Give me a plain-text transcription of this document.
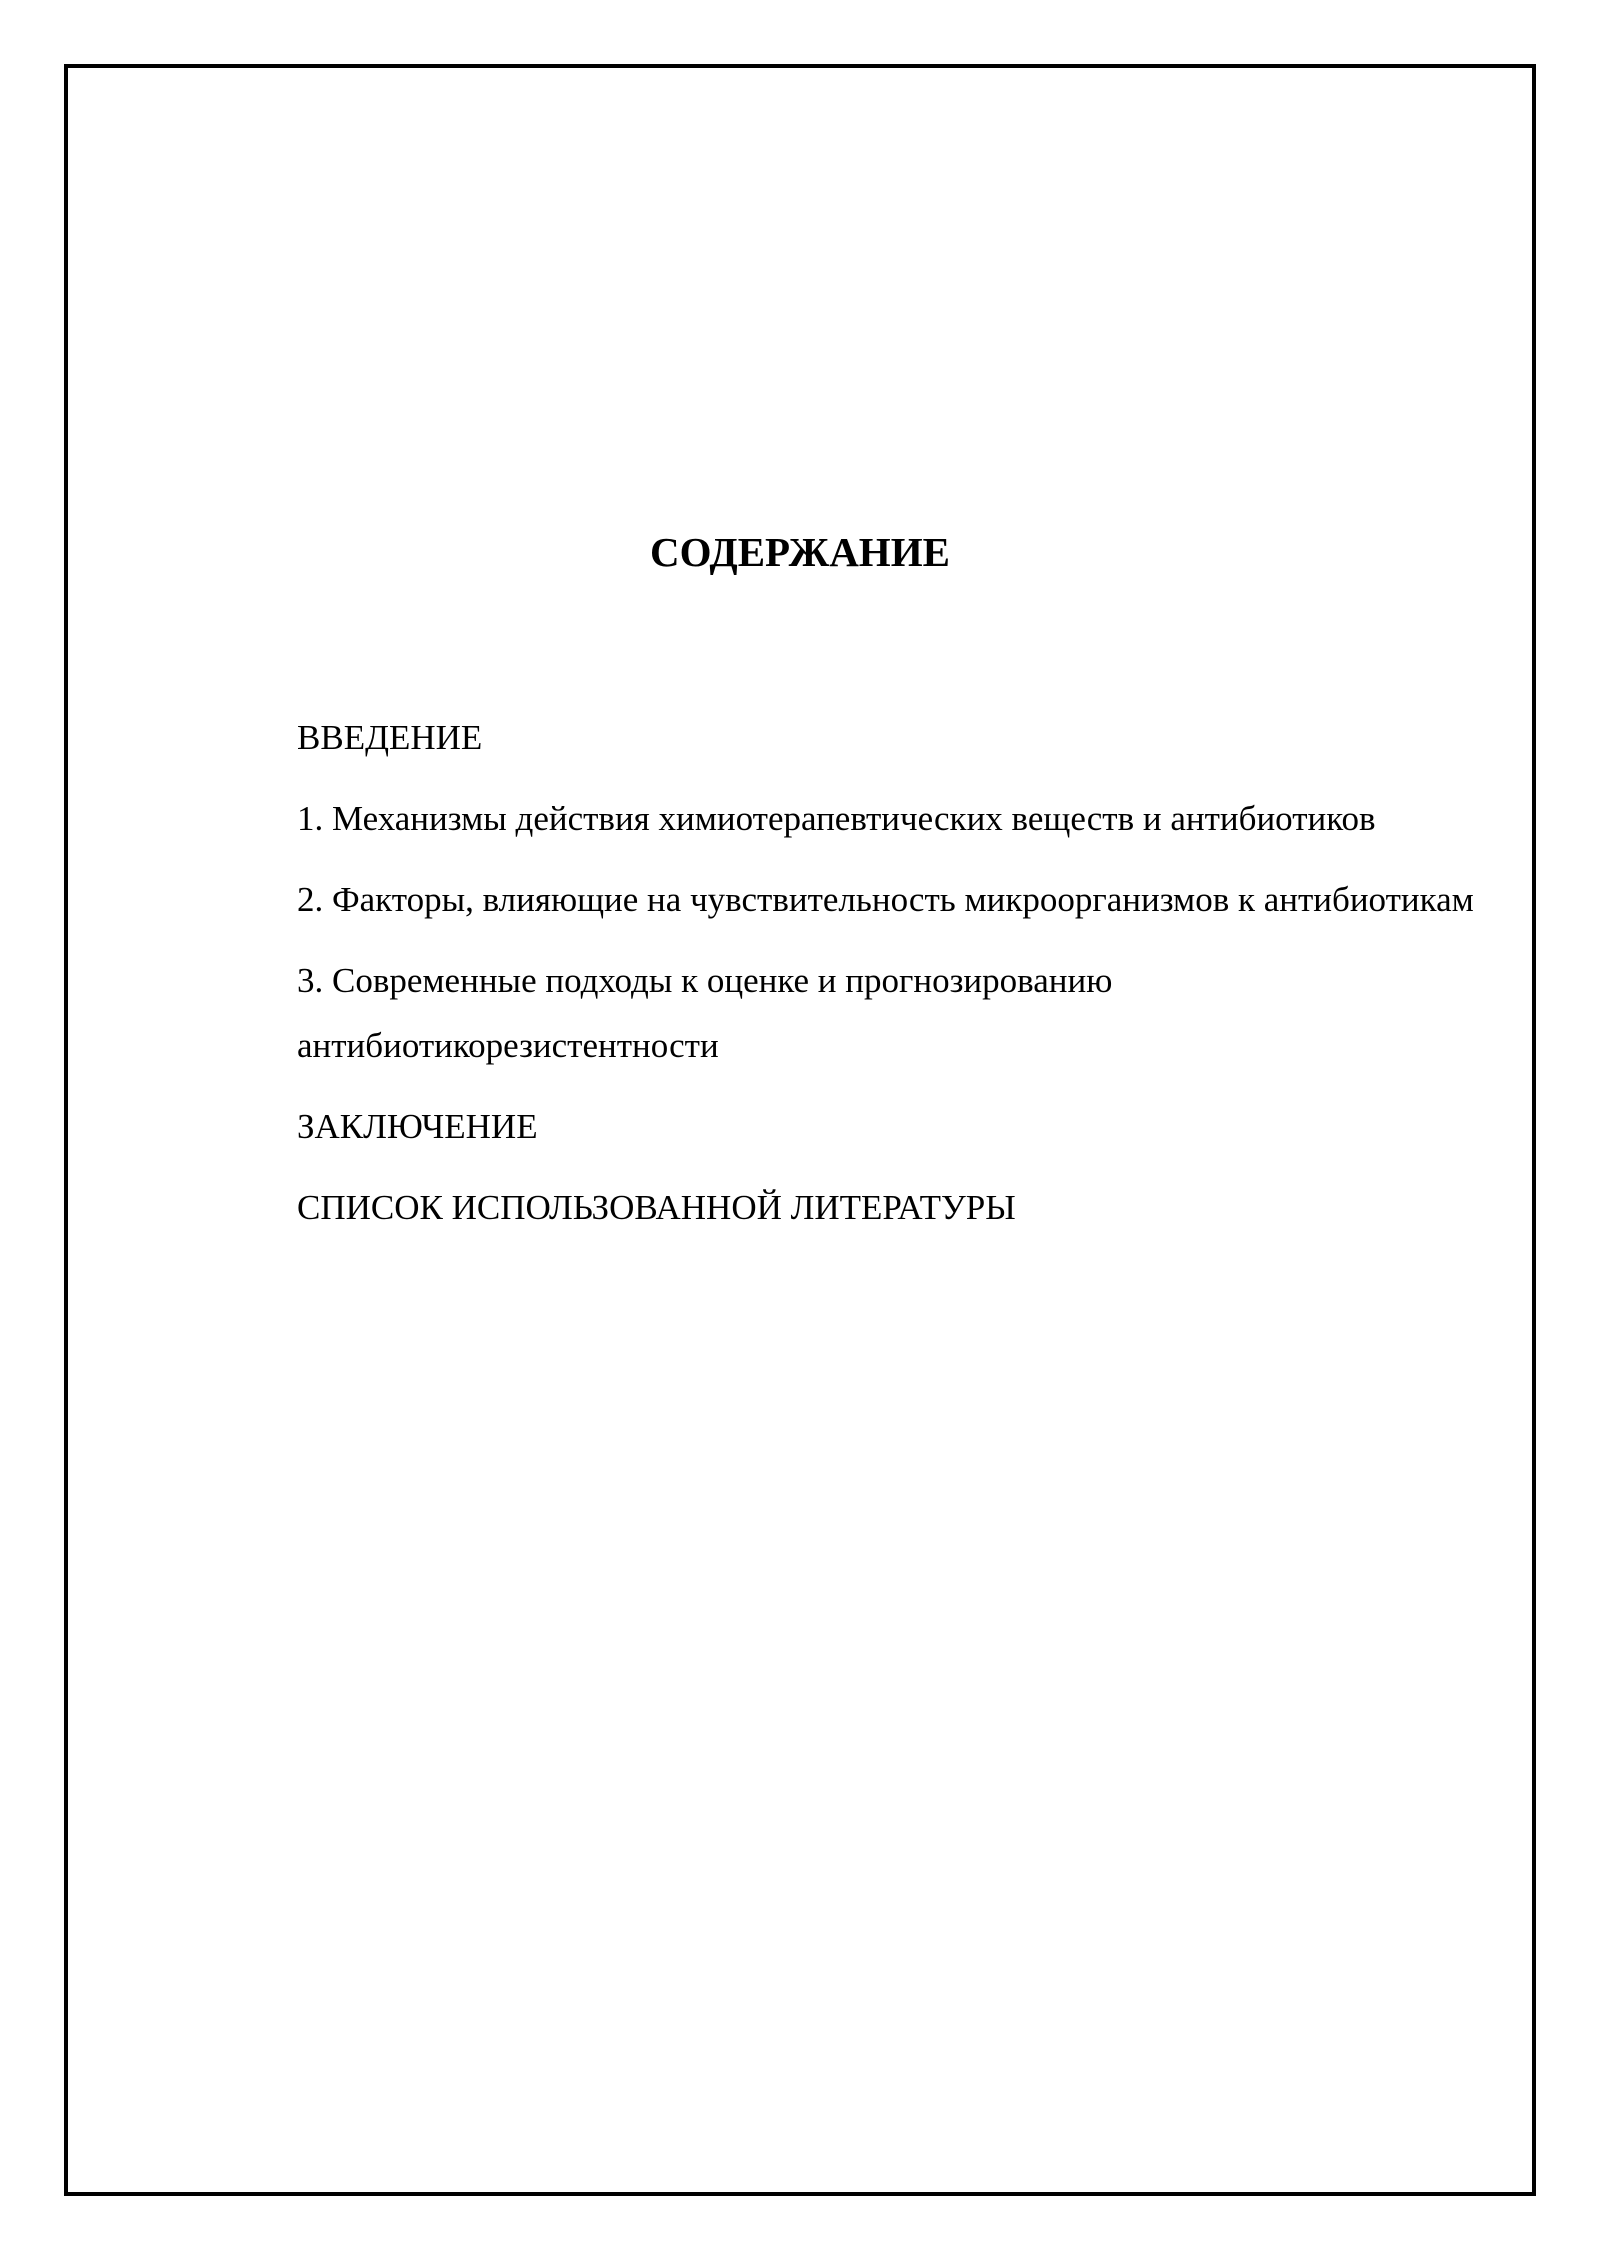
СОДЕРЖАНИЕ
ВВЕДЕНИЕ
1. Механизмы действия химиотерапевтических веществ и антибиотиков
2. Факторы, влияющие на чувствительность микроорганизмов к антибиотикам
3. Современные подходы к оценке и прогнозированию антибиотикорезистентности
ЗАКЛЮЧЕНИЕ
СПИСОК ИСПОЛЬЗОВАННОЙ ЛИТЕРАТУРЫ
